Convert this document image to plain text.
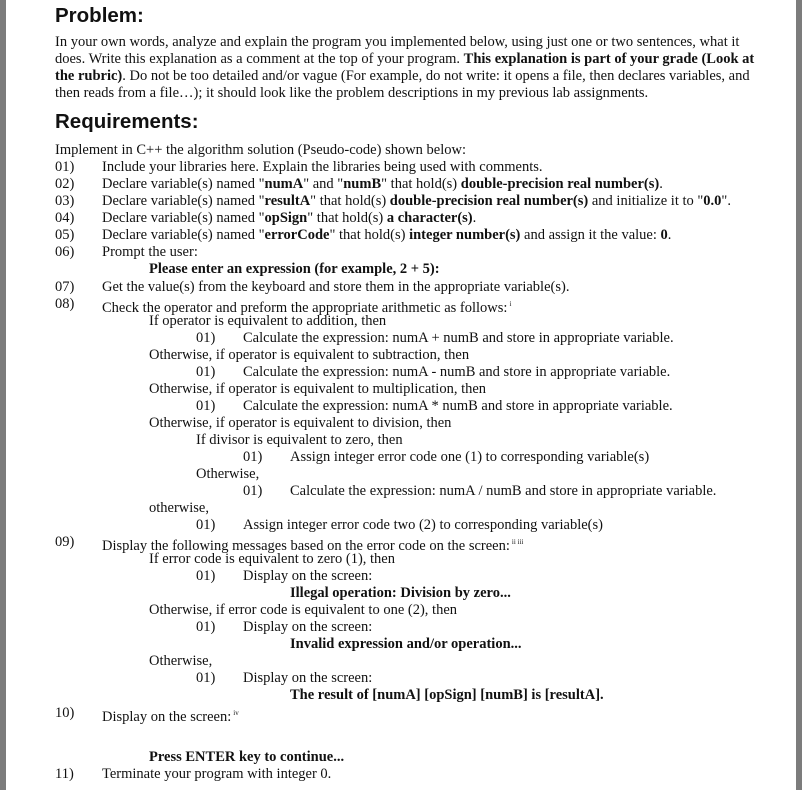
Problem:

In your own words, analyze and explain the program you implemented below, using just one or two sentences, what it does. Write this explanation as a comment at the top of your program. This explanation is part of your grade (Look at the rubric). Do not be too detailed and/or vague (For example, do not write: it opens a file, then declares variables, and then reads from a file…); it should look like the problem descriptions in my previous lab assignments.

Requirements:
Implement in C++ the algorithm solution (Pseudo-code) shown below:
01) Include your libraries here. Explain the libraries being used with comments.
02) Declare variable(s) named "numA" and "numB" that hold(s) double-precision real number(s).
03) Declare variable(s) named "resultA" that hold(s) double-precision real number(s) and initialize it to "0.0".
04) Declare variable(s) named "opSign" that hold(s) a character(s).
05) Declare variable(s) named "errorCode" that hold(s) integer number(s) and assign it the value: 0.
06) Prompt the user:
Please enter an expression (for example, 2 + 5):
07) Get the value(s) from the keyboard and store them in the appropriate variable(s).
08) Check the operator and preform the appropriate arithmetic as follows: $^i$
If operator is equivalent to addition, then
01) Calculate the expression: numA + numB and store in appropriate variable.
Otherwise, if operator is equivalent to subtraction, then
01) Calculate the expression: numA - numB and store in appropriate variable.
Otherwise, if operator is equivalent to multiplication, then
01) Calculate the expression: numA * numB and store in appropriate variable.
Otherwise, if operator is equivalent to division, then
If divisor is equivalent to zero, then
01) Assign integer error code one (1) to corresponding variable(s)
Otherwise,
01) Calculate the expression: numA / numB and store in appropriate variable.
otherwise,
01) Assign integer error code two (2) to corresponding variable(s)
09) Display the following messages based on the error code on the screen: $^{ii iii}$
If error code is equivalent to zero (1), then
01) Display on the screen:
Illegal operation: Division by zero...
Otherwise, if error code is equivalent to one (2), then
01) Display on the screen:
Invalid expression and/or operation...
Otherwise,
01) Display on the screen:
The result of [numA] [opSign] [numB] is [resultA].
10) Display on the screen: $^{iv}$
Press ENTER key to continue...
11) Terminate your program with integer 0.
